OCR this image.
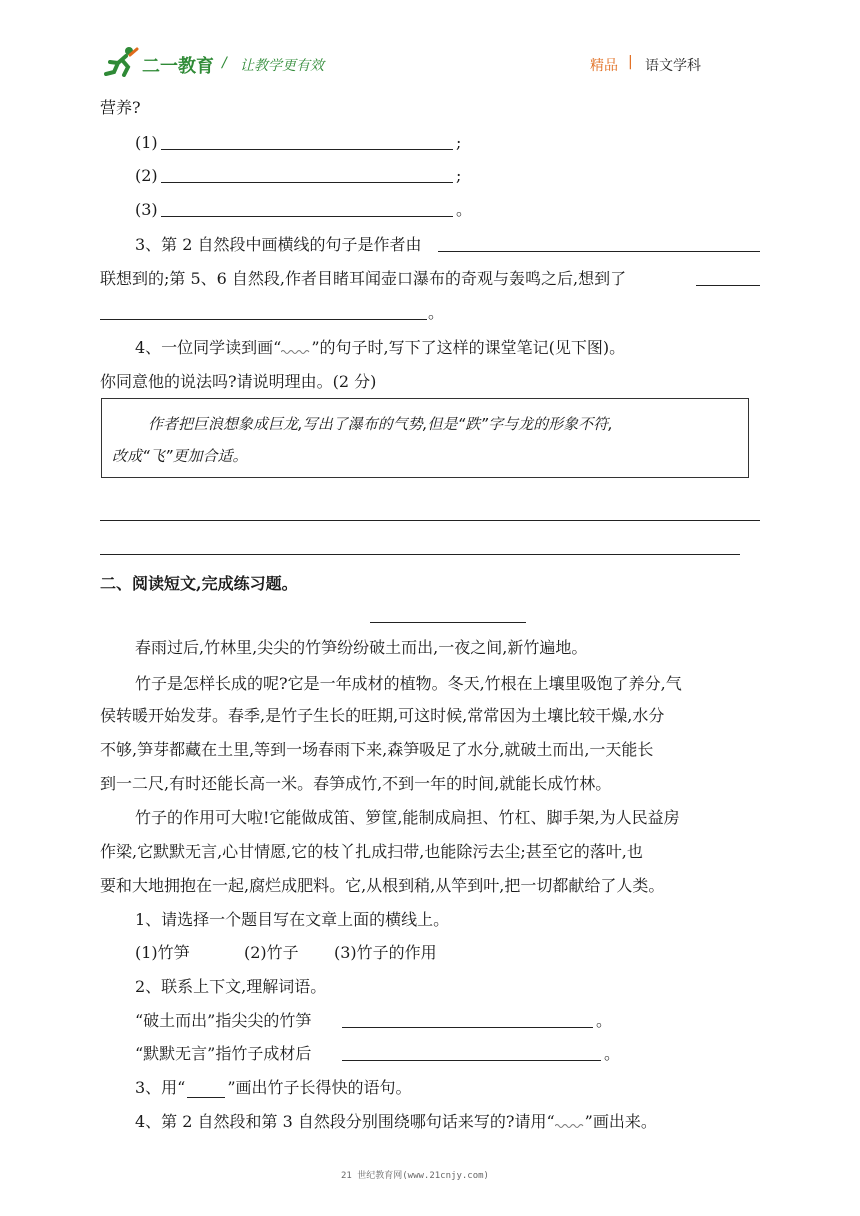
二一教育 / 让教学更有效	精品 | 语文学科
营养?
(1)	;
(2)	;
(3)	。
3、第 2 自然段中画横线的句子是作者由
联想到的;第 5、6 自然段,作者目睹耳闻壶口瀑布的奇观与轰鸣之后,想到了
。
4、一位同学读到画“ ”的句子时,写下了这样的课堂笔记(见下图)。
你同意他的说法吗?请说明理由。(2 分)
作者把巨浪想象成巨龙,写出了瀑布的气势,但是“跌”字与龙的形象不符,
改成“飞”更加合适。
二、阅读短文,完成练习题。
春雨过后,竹林里,尖尖的竹笋纷纷破土而出,一夜之间,新竹遍地。
竹子是怎样长成的呢?它是一年成材的植物。冬天,竹根在上壤里吸饱了养分,气
侯转暖开始发芽。春季,是竹子生长的旺期,可这时候,常常因为土壤比较干燥,水分
不够,笋芽都藏在土里,等到一场春雨下来,森笋吸足了水分,就破土而出,一天能长
到一二尺,有时还能长高一米。春笋成竹,不到一年的时间,就能长成竹林。
竹子的作用可大啦!它能做成笛、箩筐,能制成扃担、竹杠、脚手架,为人民益房
作梁,它默默无言,心甘情愿,它的枝丫扎成扫带,也能除污去尘;甚至它的落叶,也
要和大地拥抱在一起,腐烂成肥料。它,从根到稍,从竿到叶,把一切都献给了人类。
1、请选择一个题目写在文章上面的横线上。
(1)竹笋	(2)竹子 (3)竹子的作用
2、联系上下文,理解词语。
“破土而出”指尖尖的竹笋	。
“默默无言”指竹子成材后	。
3、用“	”画出竹子长得快的语句。
4、第 2 自然段和第 3 自然段分别围绕哪句话来写的?请用“ ”画出来。
21 世纪教育网(www.21cnjy.com)
